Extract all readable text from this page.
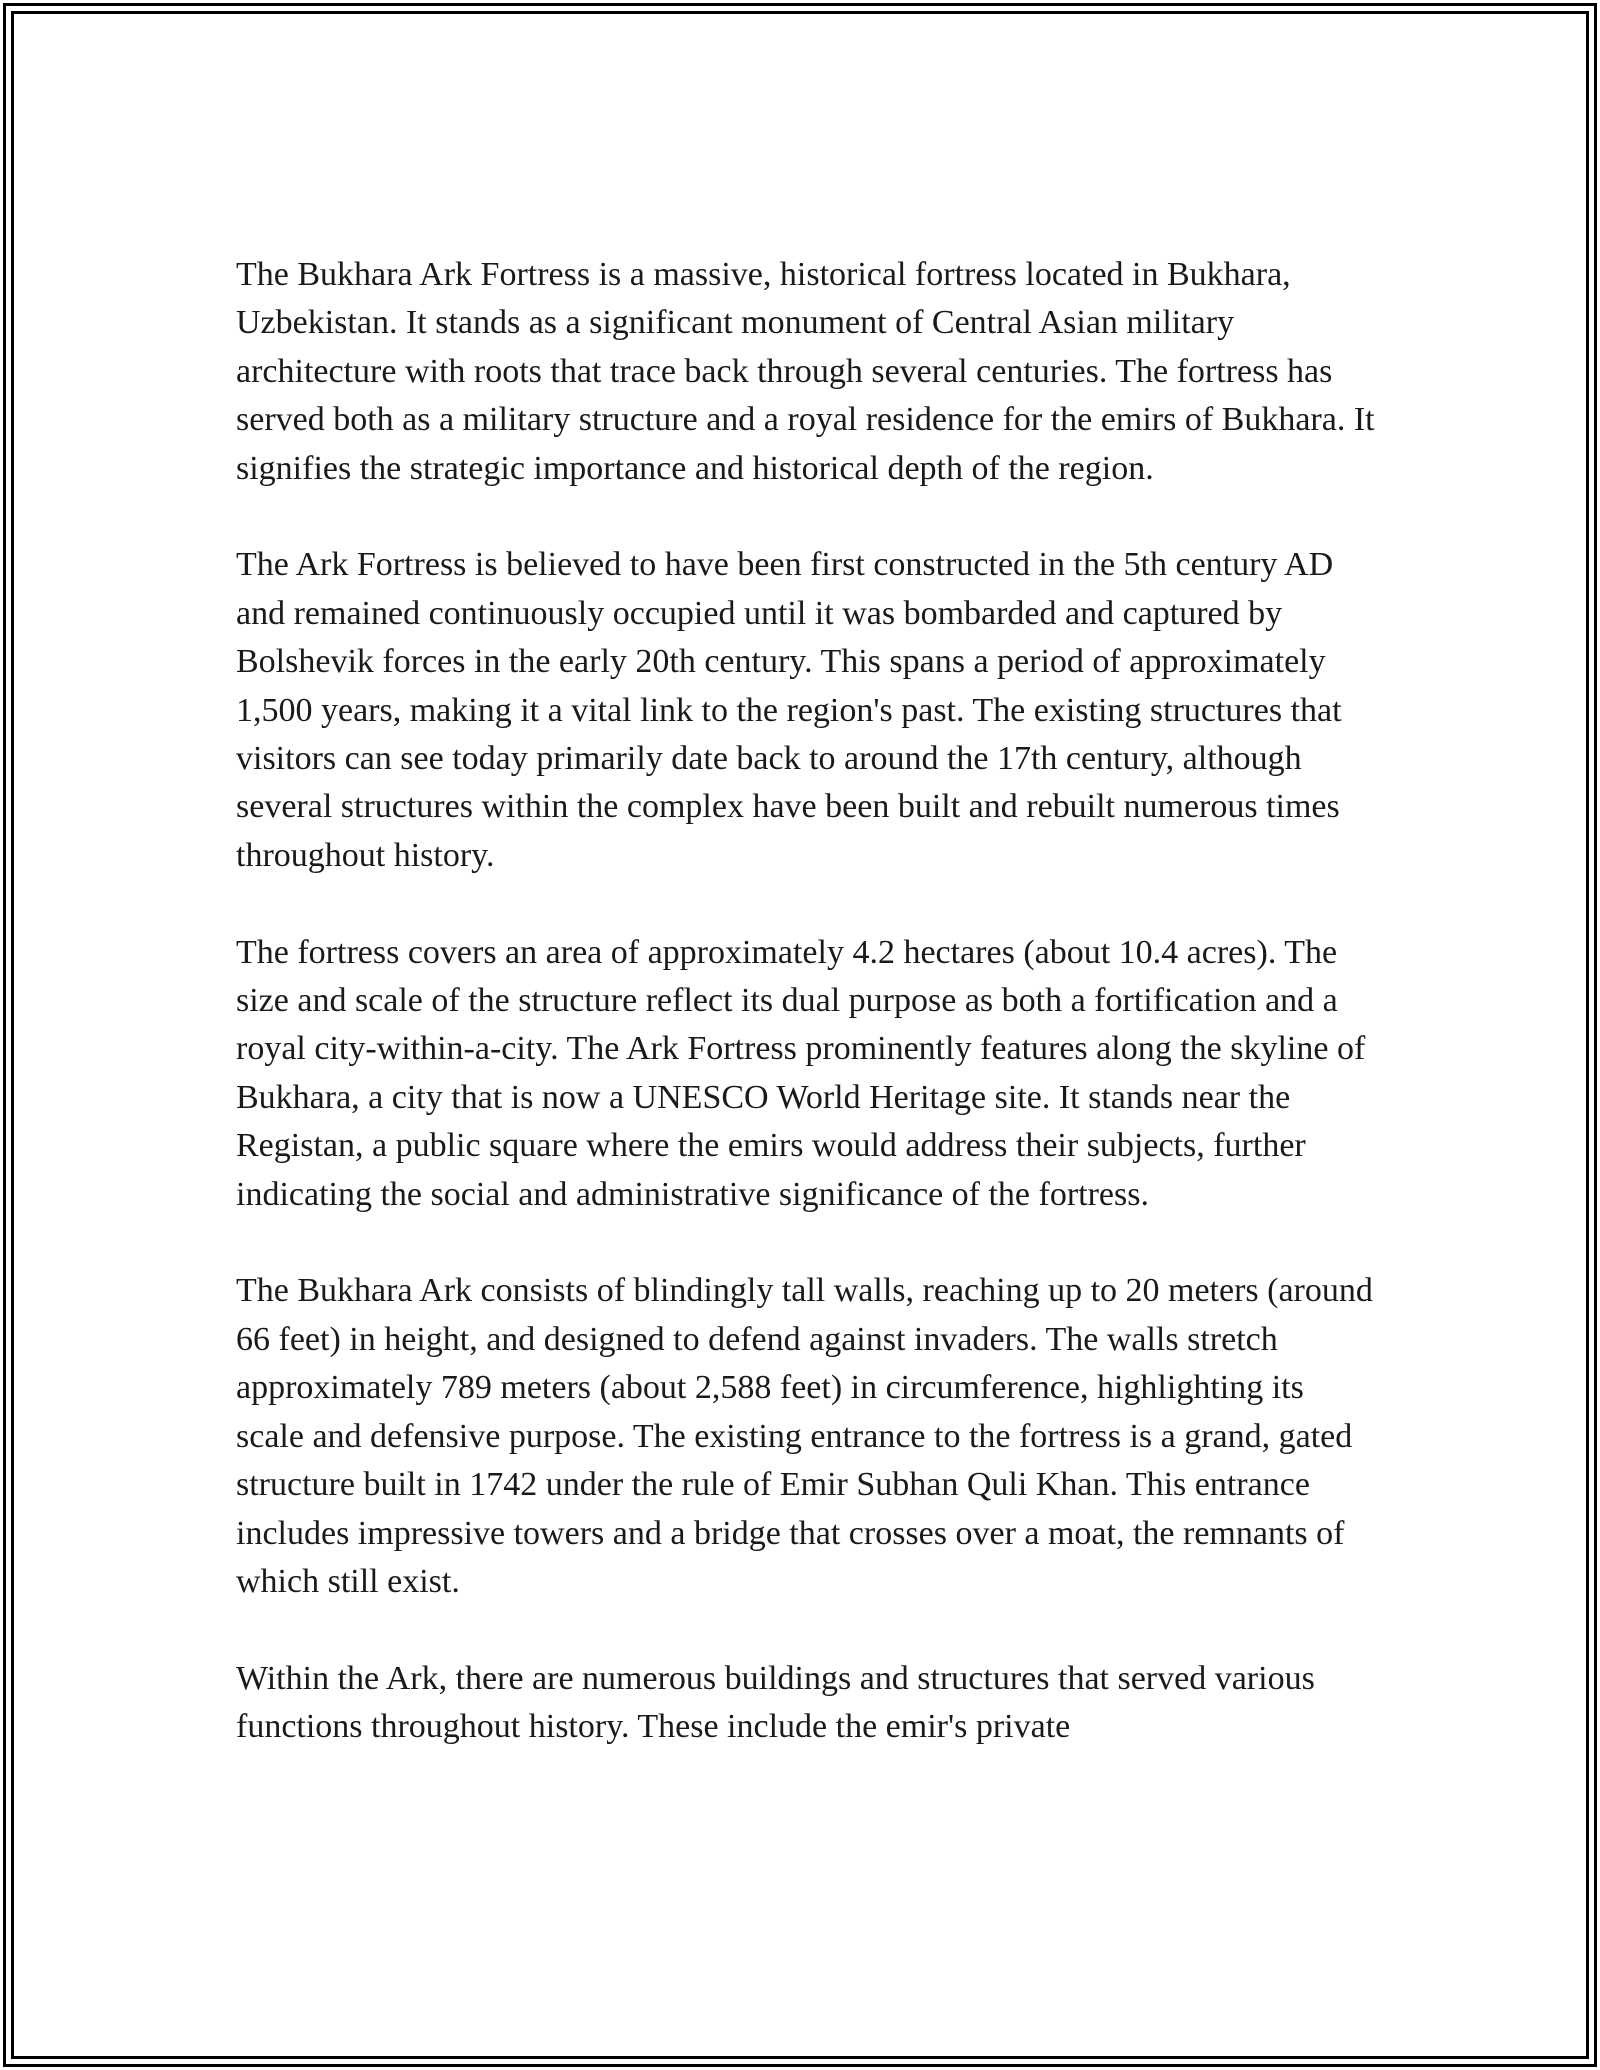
The Bukhara Ark Fortress is a massive, historical fortress located in Bukhara, Uzbekistan. It stands as a significant monument of Central Asian military architecture with roots that trace back through several centuries. The fortress has served both as a military structure and a royal residence for the emirs of Bukhara. It signifies the strategic importance and historical depth of the region.

The Ark Fortress is believed to have been first constructed in the 5th century AD and remained continuously occupied until it was bombarded and captured by Bolshevik forces in the early 20th century. This spans a period of approximately 1,500 years, making it a vital link to the region's past. The existing structures that visitors can see today primarily date back to around the 17th century, although several structures within the complex have been built and rebuilt numerous times throughout history.

The fortress covers an area of approximately 4.2 hectares (about 10.4 acres). The size and scale of the structure reflect its dual purpose as both a fortification and a royal city-within-a-city. The Ark Fortress prominently features along the skyline of Bukhara, a city that is now a UNESCO World Heritage site. It stands near the Registan, a public square where the emirs would address their subjects, further indicating the social and administrative significance of the fortress.

The Bukhara Ark consists of blindingly tall walls, reaching up to 20 meters (around 66 feet) in height, and designed to defend against invaders. The walls stretch approximately 789 meters (about 2,588 feet) in circumference, highlighting its scale and defensive purpose. The existing entrance to the fortress is a grand, gated structure built in 1742 under the rule of Emir Subhan Quli Khan. This entrance includes impressive towers and a bridge that crosses over a moat, the remnants of which still exist.

Within the Ark, there are numerous buildings and structures that served various functions throughout history. These include the emir's private
